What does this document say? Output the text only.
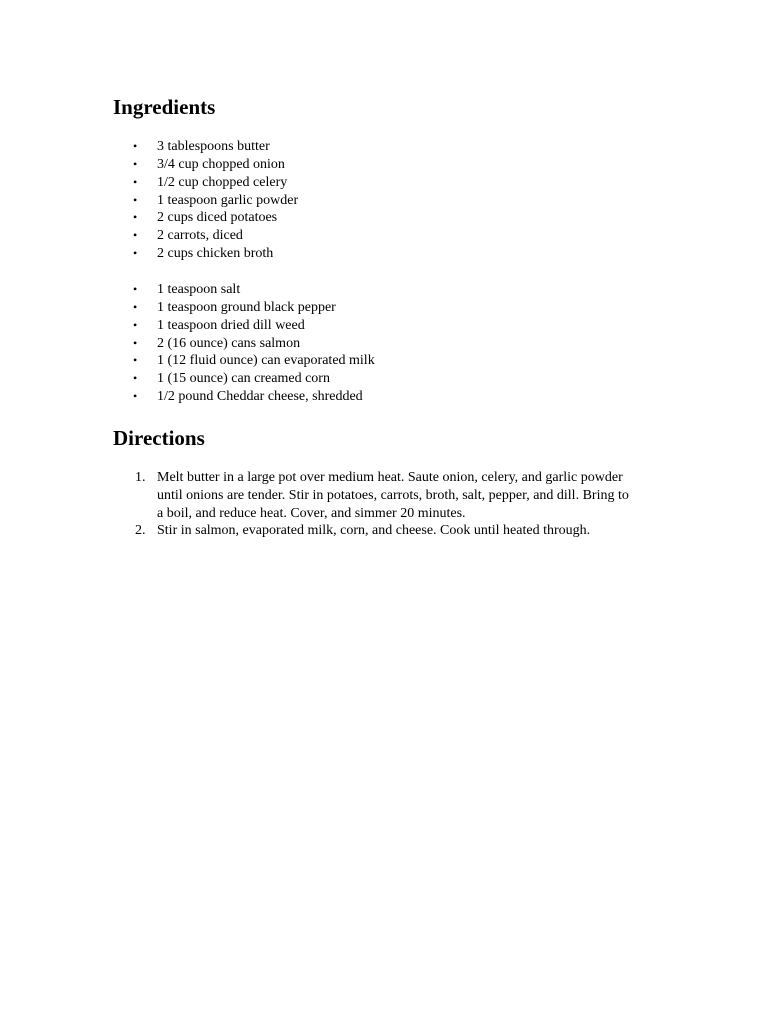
Ingredients
• 3 tablespoons butter
• 3/4 cup chopped onion
• 1/2 cup chopped celery
• 1 teaspoon garlic powder
• 2 cups diced potatoes
• 2 carrots, diced
• 2 cups chicken broth
• 1 teaspoon salt
• 1 teaspoon ground black pepper
• 1 teaspoon dried dill weed
• 2 (16 ounce) cans salmon
• 1 (12 fluid ounce) can evaporated milk
• 1 (15 ounce) can creamed corn
• 1/2 pound Cheddar cheese, shredded
Directions
1. Melt butter in a large pot over medium heat. Saute onion, celery, and garlic powder until onions are tender. Stir in potatoes, carrots, broth, salt, pepper, and dill. Bring to a boil, and reduce heat. Cover, and simmer 20 minutes.
2. Stir in salmon, evaporated milk, corn, and cheese. Cook until heated through.
